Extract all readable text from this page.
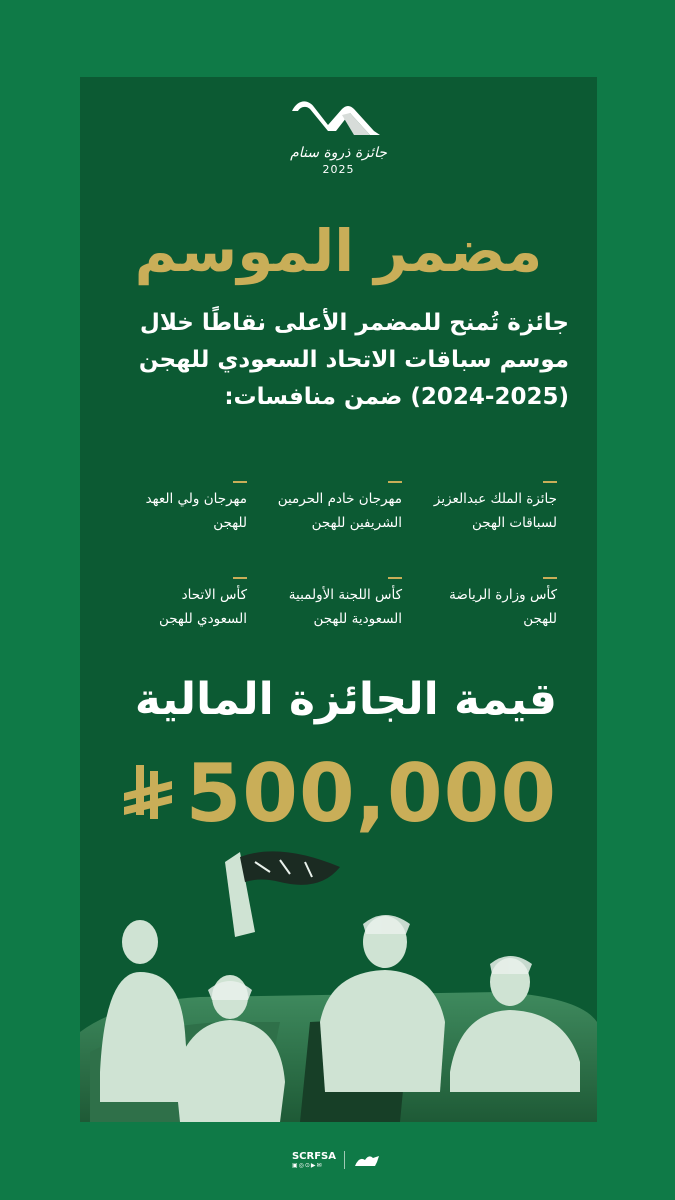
جائزة ذروة سنام
2025
مضمر الموسم
جائزة تُمنح للمضمر الأعلى نقاطًا خلال
موسم سباقات الاتحاد السعودي للهجن
(2024-2025) ضمن منافسات:
جائزة الملك عبدالعزيز
لسباقات الهجن
مهرجان خادم الحرمين
الشريفين للهجن
مهرجان ولي العهد
للهجن
كأس وزارة الرياضة
للهجن
كأس اللجنة الأولمبية
السعودية للهجن
كأس الاتحاد
السعودي للهجن
قيمة الجائزة المالية
500,000
SCRFSA
▣◎⊙▶✉
